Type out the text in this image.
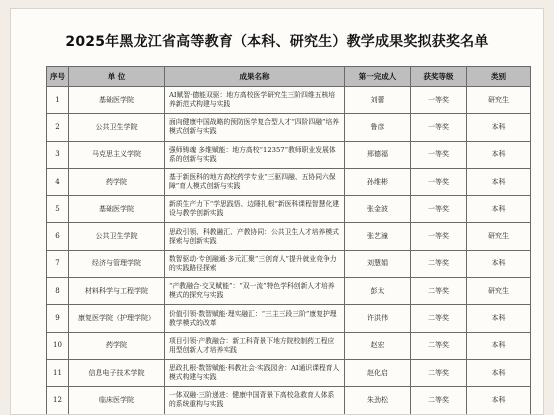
2025年黑龙江省高等教育（本科、研究生）教学成果奖拟获奖名单
序号	单 位	成果名称	第一完成人	获奖等级	类别
1	基础医学院	AI赋智·德能双驱：地方高校医学研究生三阶四维五核培养新范式构建与实践	刘蕾	一等奖	研究生
2	公共卫生学院	面向健康中国战略的预防医学复合型人才“四阶四融”培养模式创新与实践	鲁彦	一等奖	本科
3	马克思主义学院	强师铸魂 多维赋能：地方高校“12357”教师职业发展体系的创新与实践	邢德福	一等奖	本科
4	药学院	基于新医科的地方高校药学专业“三驱四融、五协同六保障”育人模式创新与实践	孙维彬	一等奖	本科
5	基础医学院	新质生产力下“学思践悟、边陲扎根”新医科课程智慧化建设与教学创新实践	张金波	一等奖	本科
6	公共卫生学院	思政引领、科教融汇、产教协同：公共卫生人才培养模式探索与创新实践	张艺潼	一等奖	研究生
7	经济与管理学院	数智驱动·专创融通·多元汇聚“三创育人”提升就业竞争力的实践路径探索	刘慧娟	二等奖	本科
8	材料科学与工程学院	“产教融合·交叉赋能”：“双一流”特色学科创新人才培养模式的探究与实践	彭太	二等奖	研究生
9	康复医学院（护理学院）	价值引领·数智赋能·理实融汇：“三主三段三阶”康复护理教学模式的改革	许洪伟	二等奖	本科
10	药学院	项目引领·产教融合：新工科背景下地方院校制药工程应用型创新人才培养实践	赵宏	二等奖	本科
11	信息电子技术学院	思政扎根·数智赋能·科教社会·实践园舍：AI通识课程育人模式构建与实践	赵化启	二等奖	本科
12	临床医学院	一体双融·三阶递进：健康中国背景下高校急救育人体系的系统重构与实践	朱劲松	二等奖	本科
